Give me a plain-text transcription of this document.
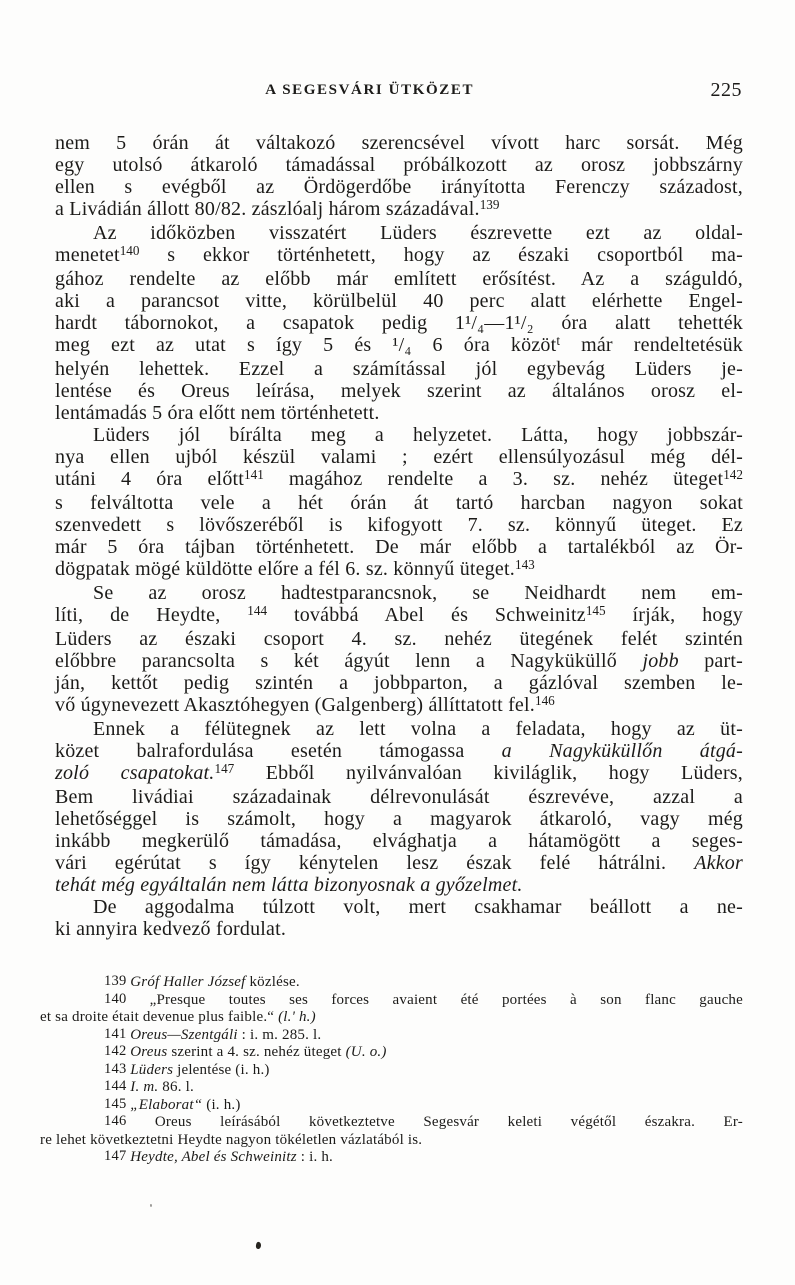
A SEGESVÁRI ÜTKÖZET	225
nem 5 órán át váltakozó szerencsével vívott harc sorsát. Még
egy utolsó átkaroló támadással próbálkozott az orosz jobbszárny
ellen s evégből az Ördögerdőbe irányította Ferenczy századost,
a Livádián állott 80/82. zászlóalj három századával.$^{139}$
Az időközben visszatért Lüders észrevette ezt az oldal-
menetet$^{140}$ s ekkor történhetett, hogy az északi csoportból ma-
gához rendelte az előbb már említett erősítést. Az a száguldó,
aki a parancsot vitte, körülbelül 40 perc alatt elérhette Engel-
hardt tábornokot, a csapatok pedig 1¹/₄—1¹/₂ óra alatt tehették
meg ezt az utat s így 5 és ¹/₄ 6 óra közöt$^t$ már rendeltetésük
helyén lehettek. Ezzel a számítással jól egybevág Lüders je-
lentése és Oreus leírása, melyek szerint az általános orosz el-
lentámadás 5 óra előtt nem történhetett.
Lüders jól bírálta meg a helyzetet. Látta, hogy jobbszár-
nya ellen ujból készül valami ; ezért ellensúlyozásul még dél-
utáni 4 óra előtt$^{141}$ magához rendelte a 3. sz. nehéz üteget$^{142}$
s felváltotta vele a hét órán át tartó harcban nagyon sokat
szenvedett s lövőszeréből is kifogyott 7. sz. könnyű üteget. Ez
már 5 óra tájban történhetett. De már előbb a tartalékból az Ör-
dögpatak mögé küldötte előre a fél 6. sz. könnyű üteget.$^{143}$
Se az orosz hadtestparancsnok, se Neidhardt nem em-
líti, de Heydte, $^{144}$ továbbá Abel és Schweinitz$^{145}$ írják, hogy
Lüders az északi csoport 4. sz. nehéz ütegének felét szintén
előbbre parancsolta s két ágyút lenn a Nagyküküllő jobb part-
ján, kettőt pedig szintén a jobbparton, a gázlóval szemben le-
vő úgynevezett Akasztóhegyen (Galgenberg) állíttatott fel.$^{146}$
Ennek a félütegnek az lett volna a feladata, hogy az üt-
közet balrafordulása esetén támogassa a Nagyküküllőn átgá-
zoló csapatokat.$^{147}$ Ebből nyilvánvalóan kiviláglik, hogy Lüders,
Bem livádiai századainak délrevonulását észrevéve, azzal a
lehetőséggel is számolt, hogy a magyarok átkaroló, vagy még
inkább megkerülő támadása, elvághatja a hátamögött a seges-
vári egérútat s így kénytelen lesz észak felé hátrálni. Akkor
tehát még egyáltalán nem látta bizonyosnak a győzelmet.
De aggodalma túlzott volt, mert csakhamar beállott a ne-
ki annyira kedvező fordulat.
139 Gróf Haller József közlése.
140 „Presque toutes ses forces avaient été portées à son flanc gauche
et sa droite était devenue plus faible.“ (l.' h.)
141 Oreus—Szentgáli : i. m. 285. l.
142 Oreus szerint a 4. sz. nehéz üteget (U. o.)
143 Lüders jelentése (i. h.)
144 I. m. 86. l.
145 „Elaborat“ (i. h.)
146 Oreus leírásából következtetve Segesvár keleti végétől északra. Er-
re lehet következtetni Heydte nagyon tökéletlen vázlatából is.
147 Heydte, Abel és Schweinitz : i. h.
